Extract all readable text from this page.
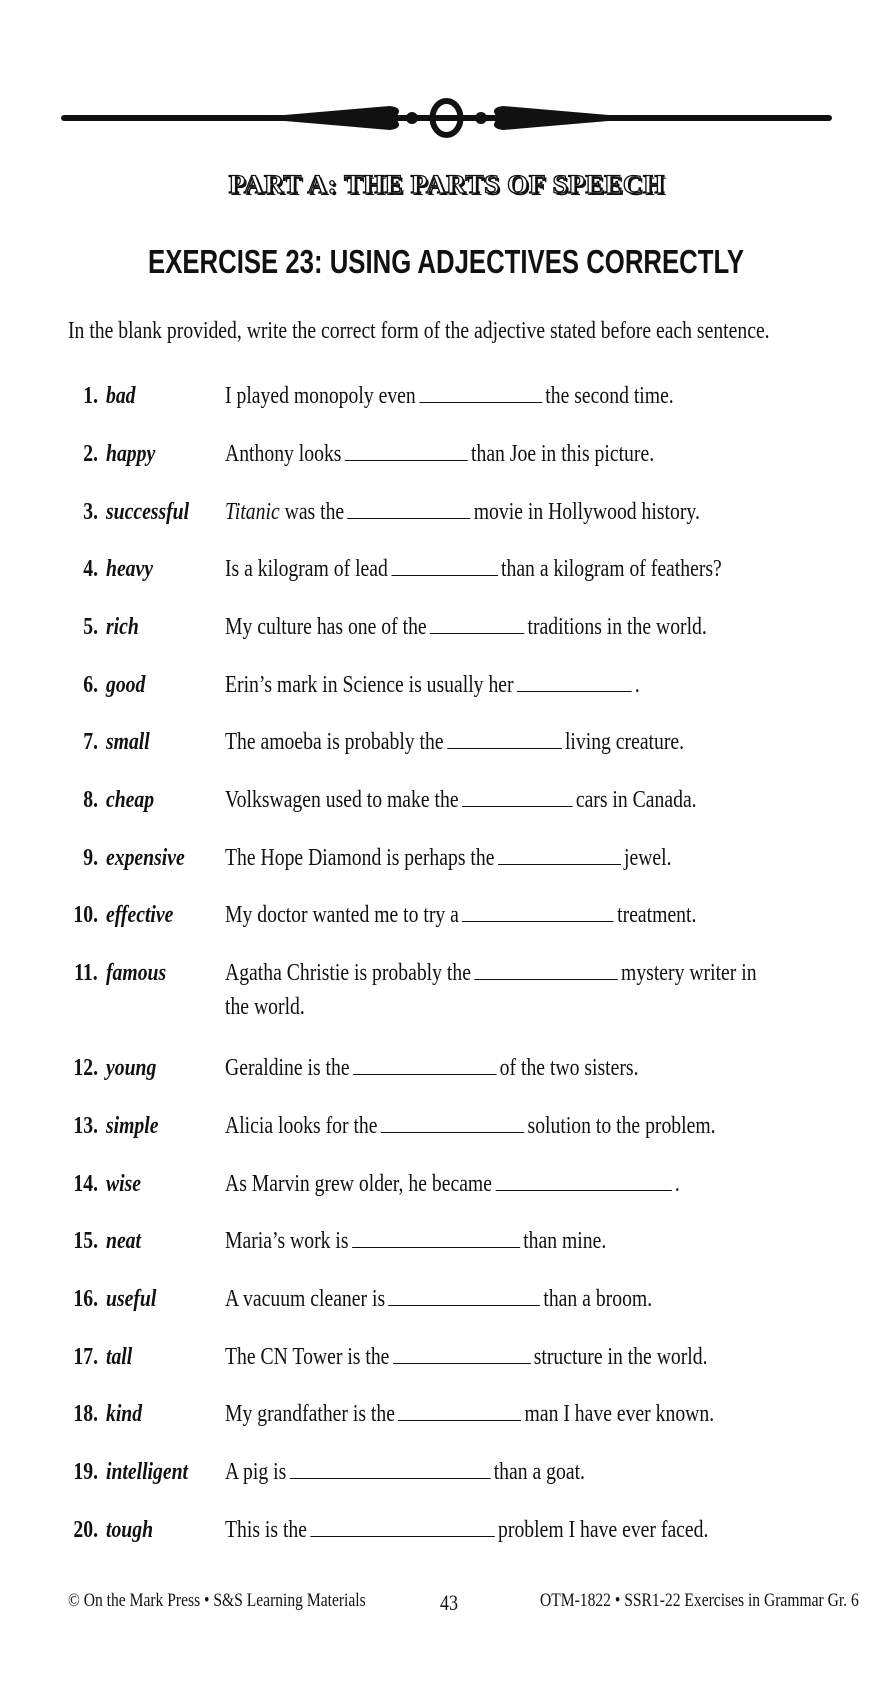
PART A: THE PARTS OF SPEECH
EXERCISE 23: USING ADJECTIVES CORRECTLY
In the blank provided, write the correct form of the adjective stated before each sentence.
1. bad	I played monopoly even	the second time.
2. happy	Anthony looks	than Joe in this picture.
3. successful	Titanic was the	movie in Hollywood history.
4. heavy	Is a kilogram of lead	than a kilogram of feathers?
5. rich	My culture has one of the	traditions in the world.
6. good	Erin’s mark in Science is usually her	.
7. small	The amoeba is probably the	living creature.
8. cheap	Volkswagen used to make the	cars in Canada.
9. expensive	The Hope Diamond is perhaps the	jewel.
10. effective	My doctor wanted me to try a	treatment.
11. famous	Agatha Christie is probably the	mystery writer in
the world.
12. young	Geraldine is the	of the two sisters.
13. simple	Alicia looks for the	solution to the problem.
14. wise	As Marvin grew older, he became	.
15. neat	Maria’s work is	than mine.
16. useful	A vacuum cleaner is	than a broom.
17. tall	The CN Tower is the	structure in the world.
18. kind	My grandfather is the	man I have ever known.
19. intelligent	A pig is	than a goat.
20. tough	This is the	problem I have ever faced.
© On the Mark Press • S&S Learning Materials	43	OTM-1822 • SSR1-22 Exercises in Grammar Gr. 6
